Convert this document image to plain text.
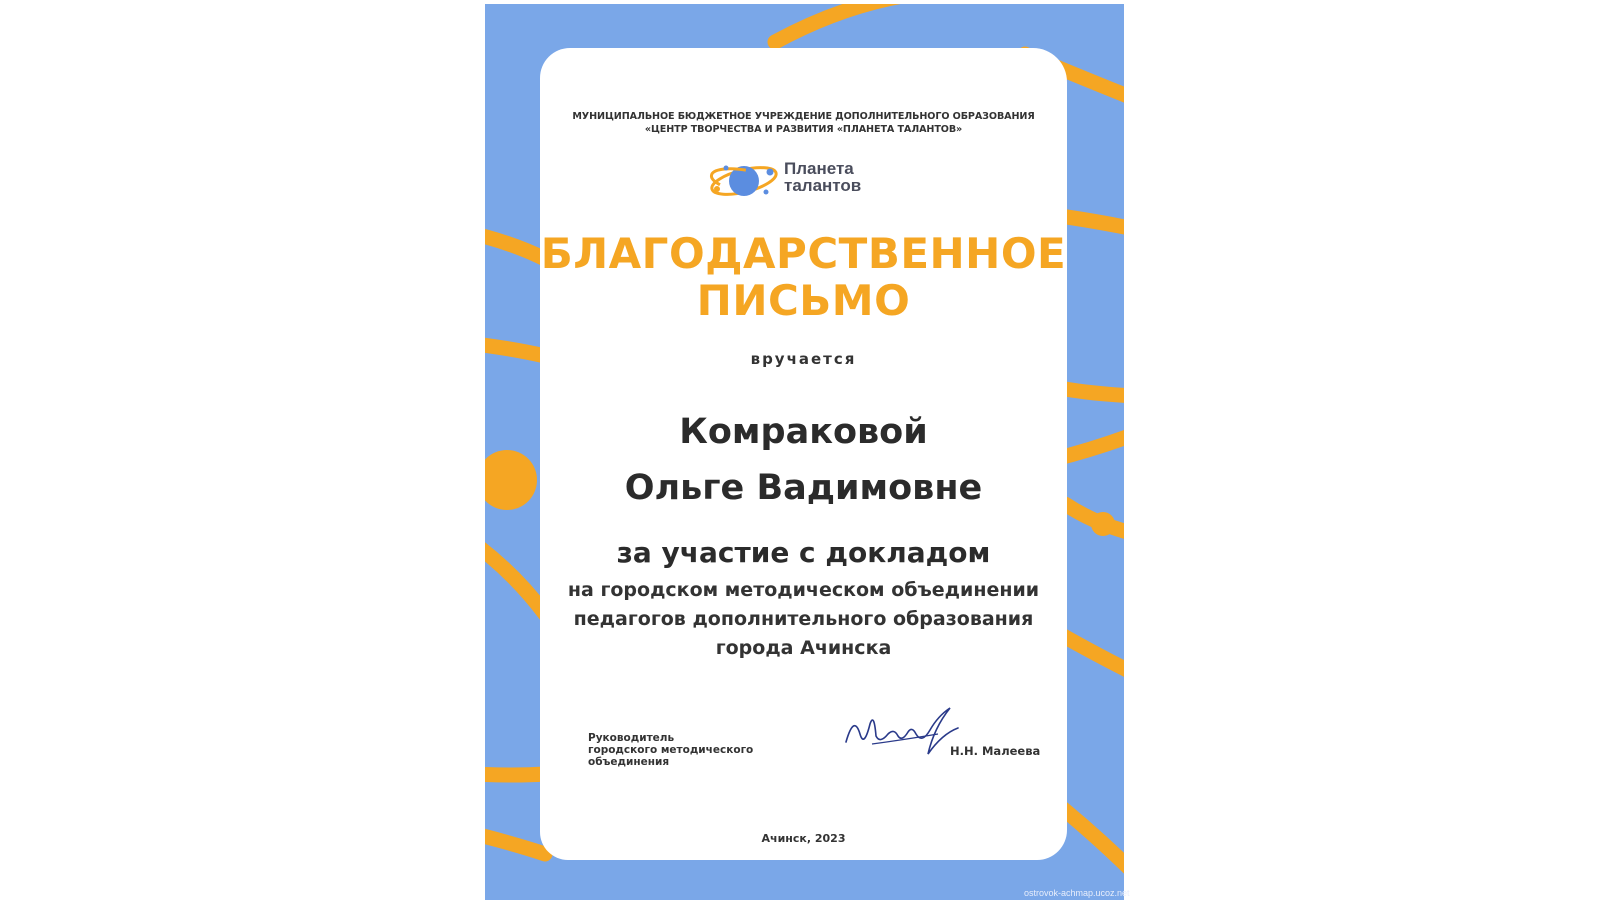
МУНИЦИПАЛЬНОЕ БЮДЖЕТНОЕ УЧРЕЖДЕНИЕ ДОПОЛНИТЕЛЬНОГО ОБРАЗОВАНИЯ
«ЦЕНТР ТВОРЧЕСТВА И РАЗВИТИЯ «ПЛАНЕТА ТАЛАНТОВ»
Планета
талантов
БЛАГОДАРСТВЕННОЕ
ПИСЬМО
вручается
Комраковой
Ольге Вадимовне
за участие с докладом
на городском методическом объединении
педагогов дополнительного образования
города Ачинска
Руководитель
городского методического объединения
Н.Н. Малеева
Ачинск, 2023
ostrovok-achmap.ucoz.net
